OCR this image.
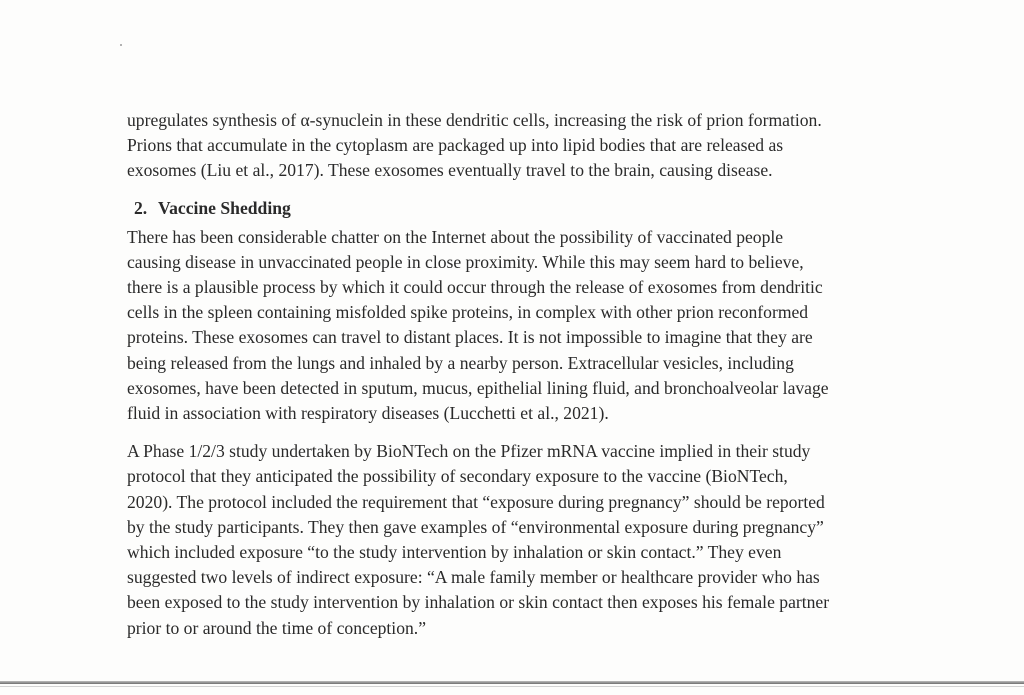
upregulates synthesis of α-synuclein in these dendritic cells, increasing the risk of prion formation.
Prions that accumulate in the cytoplasm are packaged up into lipid bodies that are released as
exosomes (Liu et al., 2017). These exosomes eventually travel to the brain, causing disease.

2. Vaccine Shedding

There has been considerable chatter on the Internet about the possibility of vaccinated people
causing disease in unvaccinated people in close proximity. While this may seem hard to believe,
there is a plausible process by which it could occur through the release of exosomes from dendritic
cells in the spleen containing misfolded spike proteins, in complex with other prion reconformed
proteins. These exosomes can travel to distant places. It is not impossible to imagine that they are
being released from the lungs and inhaled by a nearby person. Extracellular vesicles, including
exosomes, have been detected in sputum, mucus, epithelial lining fluid, and bronchoalveolar lavage
fluid in association with respiratory diseases (Lucchetti et al., 2021).

A Phase 1/2/3 study undertaken by BioNTech on the Pfizer mRNA vaccine implied in their study
protocol that they anticipated the possibility of secondary exposure to the vaccine (BioNTech,
2020). The protocol included the requirement that “exposure during pregnancy” should be reported
by the study participants. They then gave examples of “environmental exposure during pregnancy”
which included exposure “to the study intervention by inhalation or skin contact.” They even
suggested two levels of indirect exposure: “A male family member or healthcare provider who has
been exposed to the study intervention by inhalation or skin contact then exposes his female partner
prior to or around the time of conception.”
